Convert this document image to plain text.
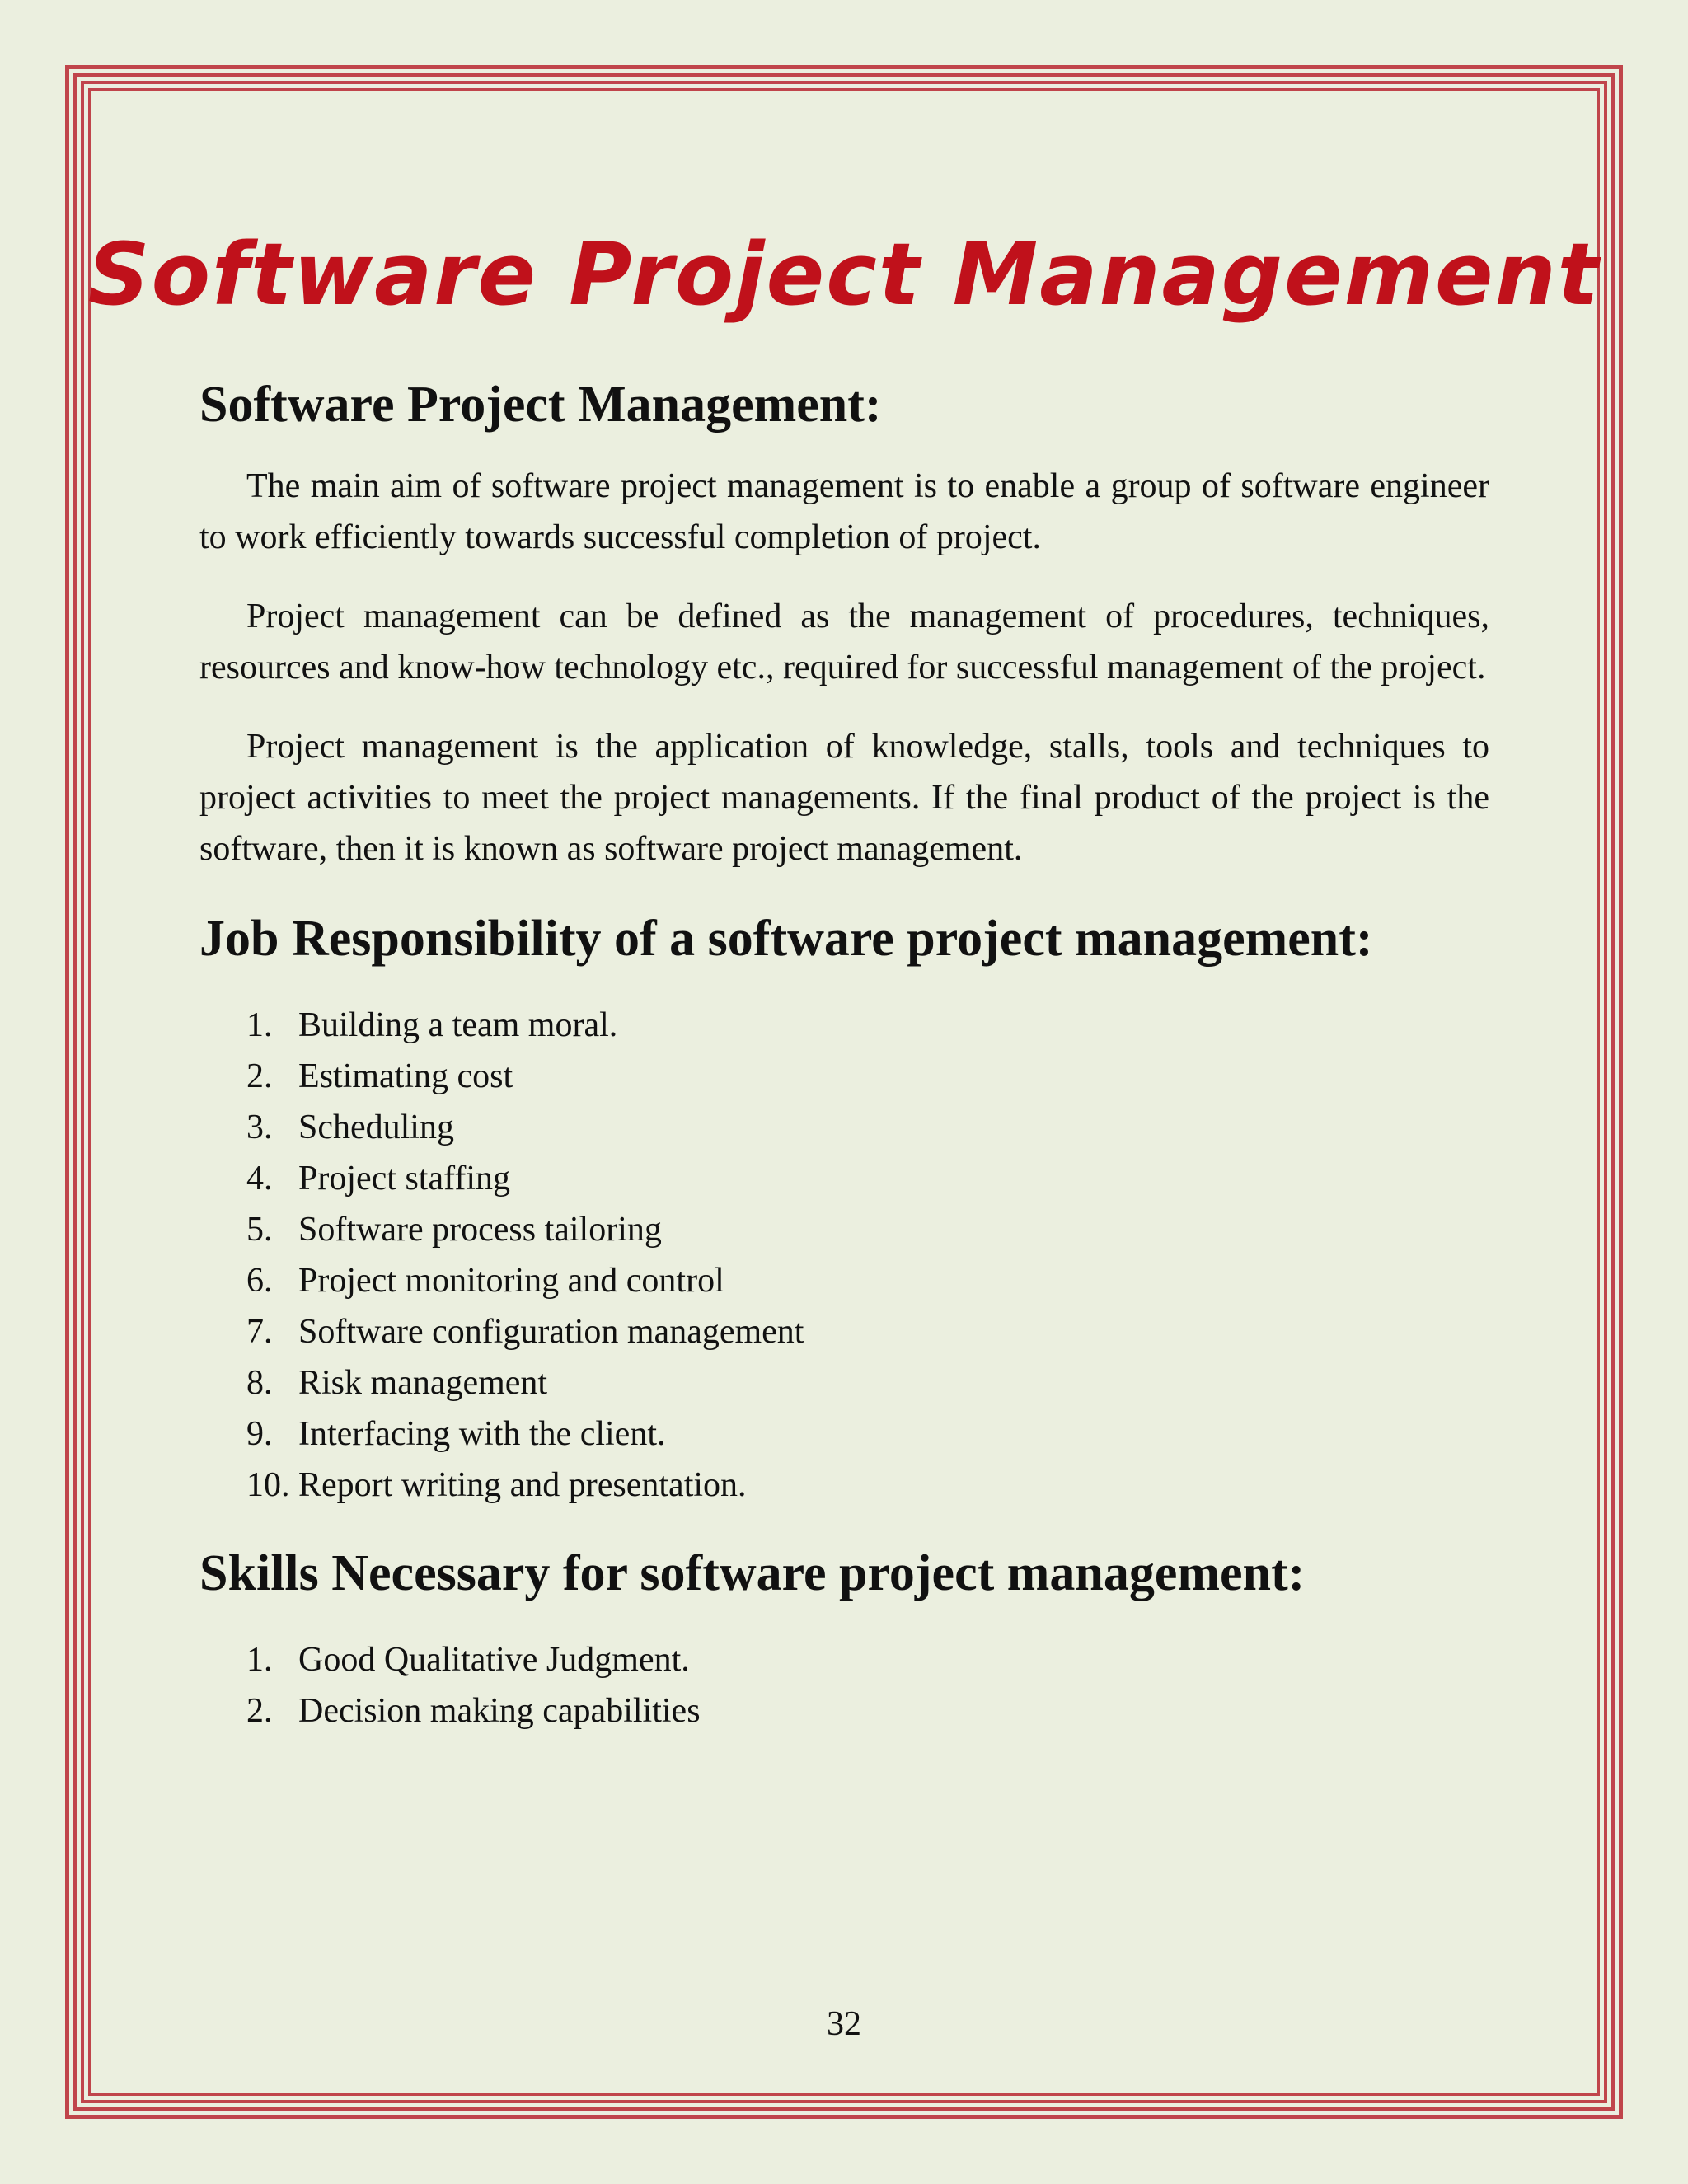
Software Project Management
Software Project Management:

The main aim of software project management is to enable a group of software engineer to work efficiently towards successful completion of project.

Project management can be defined as the management of procedures, techniques, resources and know-how technology etc., required for successful management of the project.

Project management is the application of knowledge, stalls, tools and techniques to project activities to meet the project managements. If the final product of the project is the software, then it is known as software project management.

Job Responsibility of a software project management:
1. Building a team moral.
2. Estimating cost
3. Scheduling
4. Project staffing
5. Software process tailoring
6. Project monitoring and control
7. Software configuration management
8. Risk management
9. Interfacing with the client.
10. Report writing and presentation.
Skills Necessary for software project management:
1. Good Qualitative Judgment.
2. Decision making capabilities
32
